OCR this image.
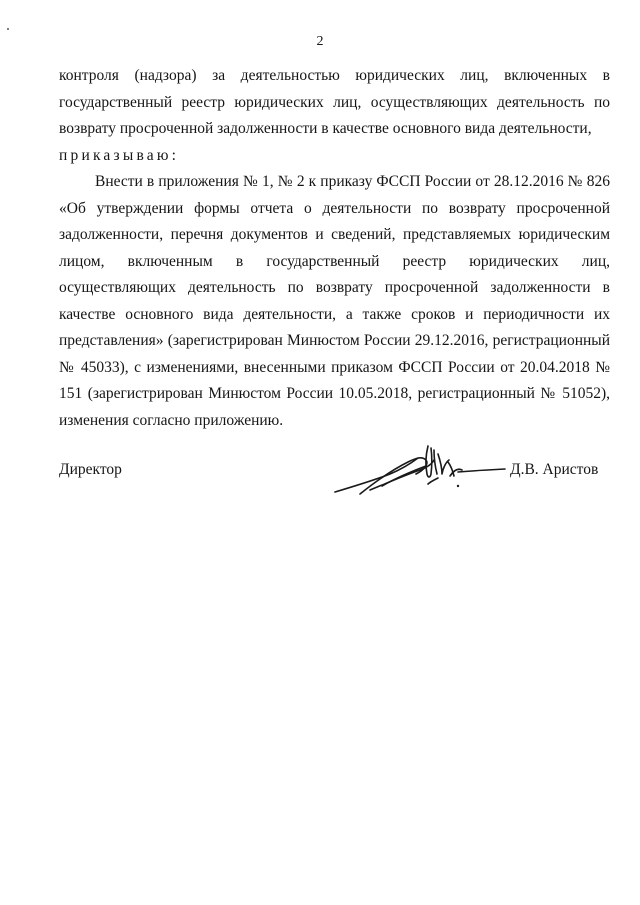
2

контроля (надзора) за деятельностью юридических лиц, включенных в государственный реестр юридических лиц, осуществляющих деятельность по возврату просроченной задолженности в качестве основного вида деятельности,
приказываю:

Внести в приложения № 1, № 2 к приказу ФССП России от 28.12.2016 № 826 «Об утверждении формы отчета о деятельности по возврату просроченной задолженности, перечня документов и сведений, представляемых юридическим лицом, включенным в государственный реестр юридических лиц, осуществляющих деятельность по возврату просроченной задолженности в качестве основного вида деятельности, а также сроков и периодичности их представления» (зарегистрирован Минюстом России 29.12.2016, регистрационный № 45033), с изменениями, внесенными приказом ФССП России от 20.04.2018 № 151 (зарегистрирован Минюстом России 10.05.2018, регистрационный № 51052), изменения согласно приложению.

Директор	Д.В. Аристов
